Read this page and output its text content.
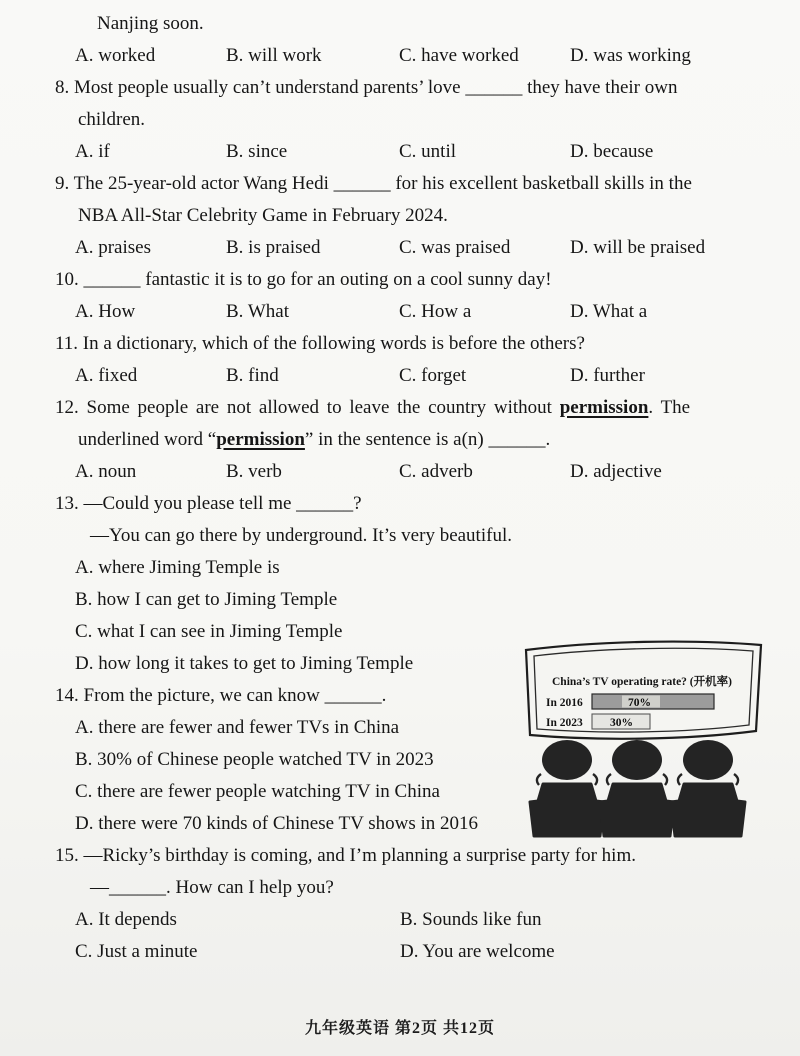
Nanjing soon.
A. worked	B. will work	C. have worked	D. was working
8. Most people usually can’t understand parents’ love ______ they have their own
children.
A. if	B. since	C. until	D. because
9. The 25-year-old actor Wang Hedi ______ for his excellent basketball skills in the
NBA All-Star Celebrity Game in February 2024.
A. praises	B. is praised	C. was praised	D. will be praised
10. ______ fantastic it is to go for an outing on a cool sunny day!
A. How	B. What	C. How a	D. What a
11. In a dictionary, which of the following words is before the others?
A. fixed	B. find	C. forget	D. further
12. Some people are not allowed to leave the country without permission. The
underlined word “permission” in the sentence is a(n) ______.
A. noun	B. verb	C. adverb	D. adjective
13. —Could you please tell me ______?
—You can go there by underground. It’s very beautiful.
A. where Jiming Temple is
B. how I can get to Jiming Temple
C. what I can see in Jiming Temple
D. how long it takes to get to Jiming Temple
14. From the picture, we can know ______.
A. there are fewer and fewer TVs in China
B. 30% of Chinese people watched TV in 2023
C. there are fewer people watching TV in China
D. there were 70 kinds of Chinese TV shows in 2016
15. —Ricky’s birthday is coming, and I’m planning a surprise party for him.
—______. How can I help you?
A. It depends	B. Sounds like fun
C. Just a minute	D. You are welcome
China’s TV operating rate? (开机率)
In 2016	70%
In 2023 30%
九年级英语 第2页 共12页
